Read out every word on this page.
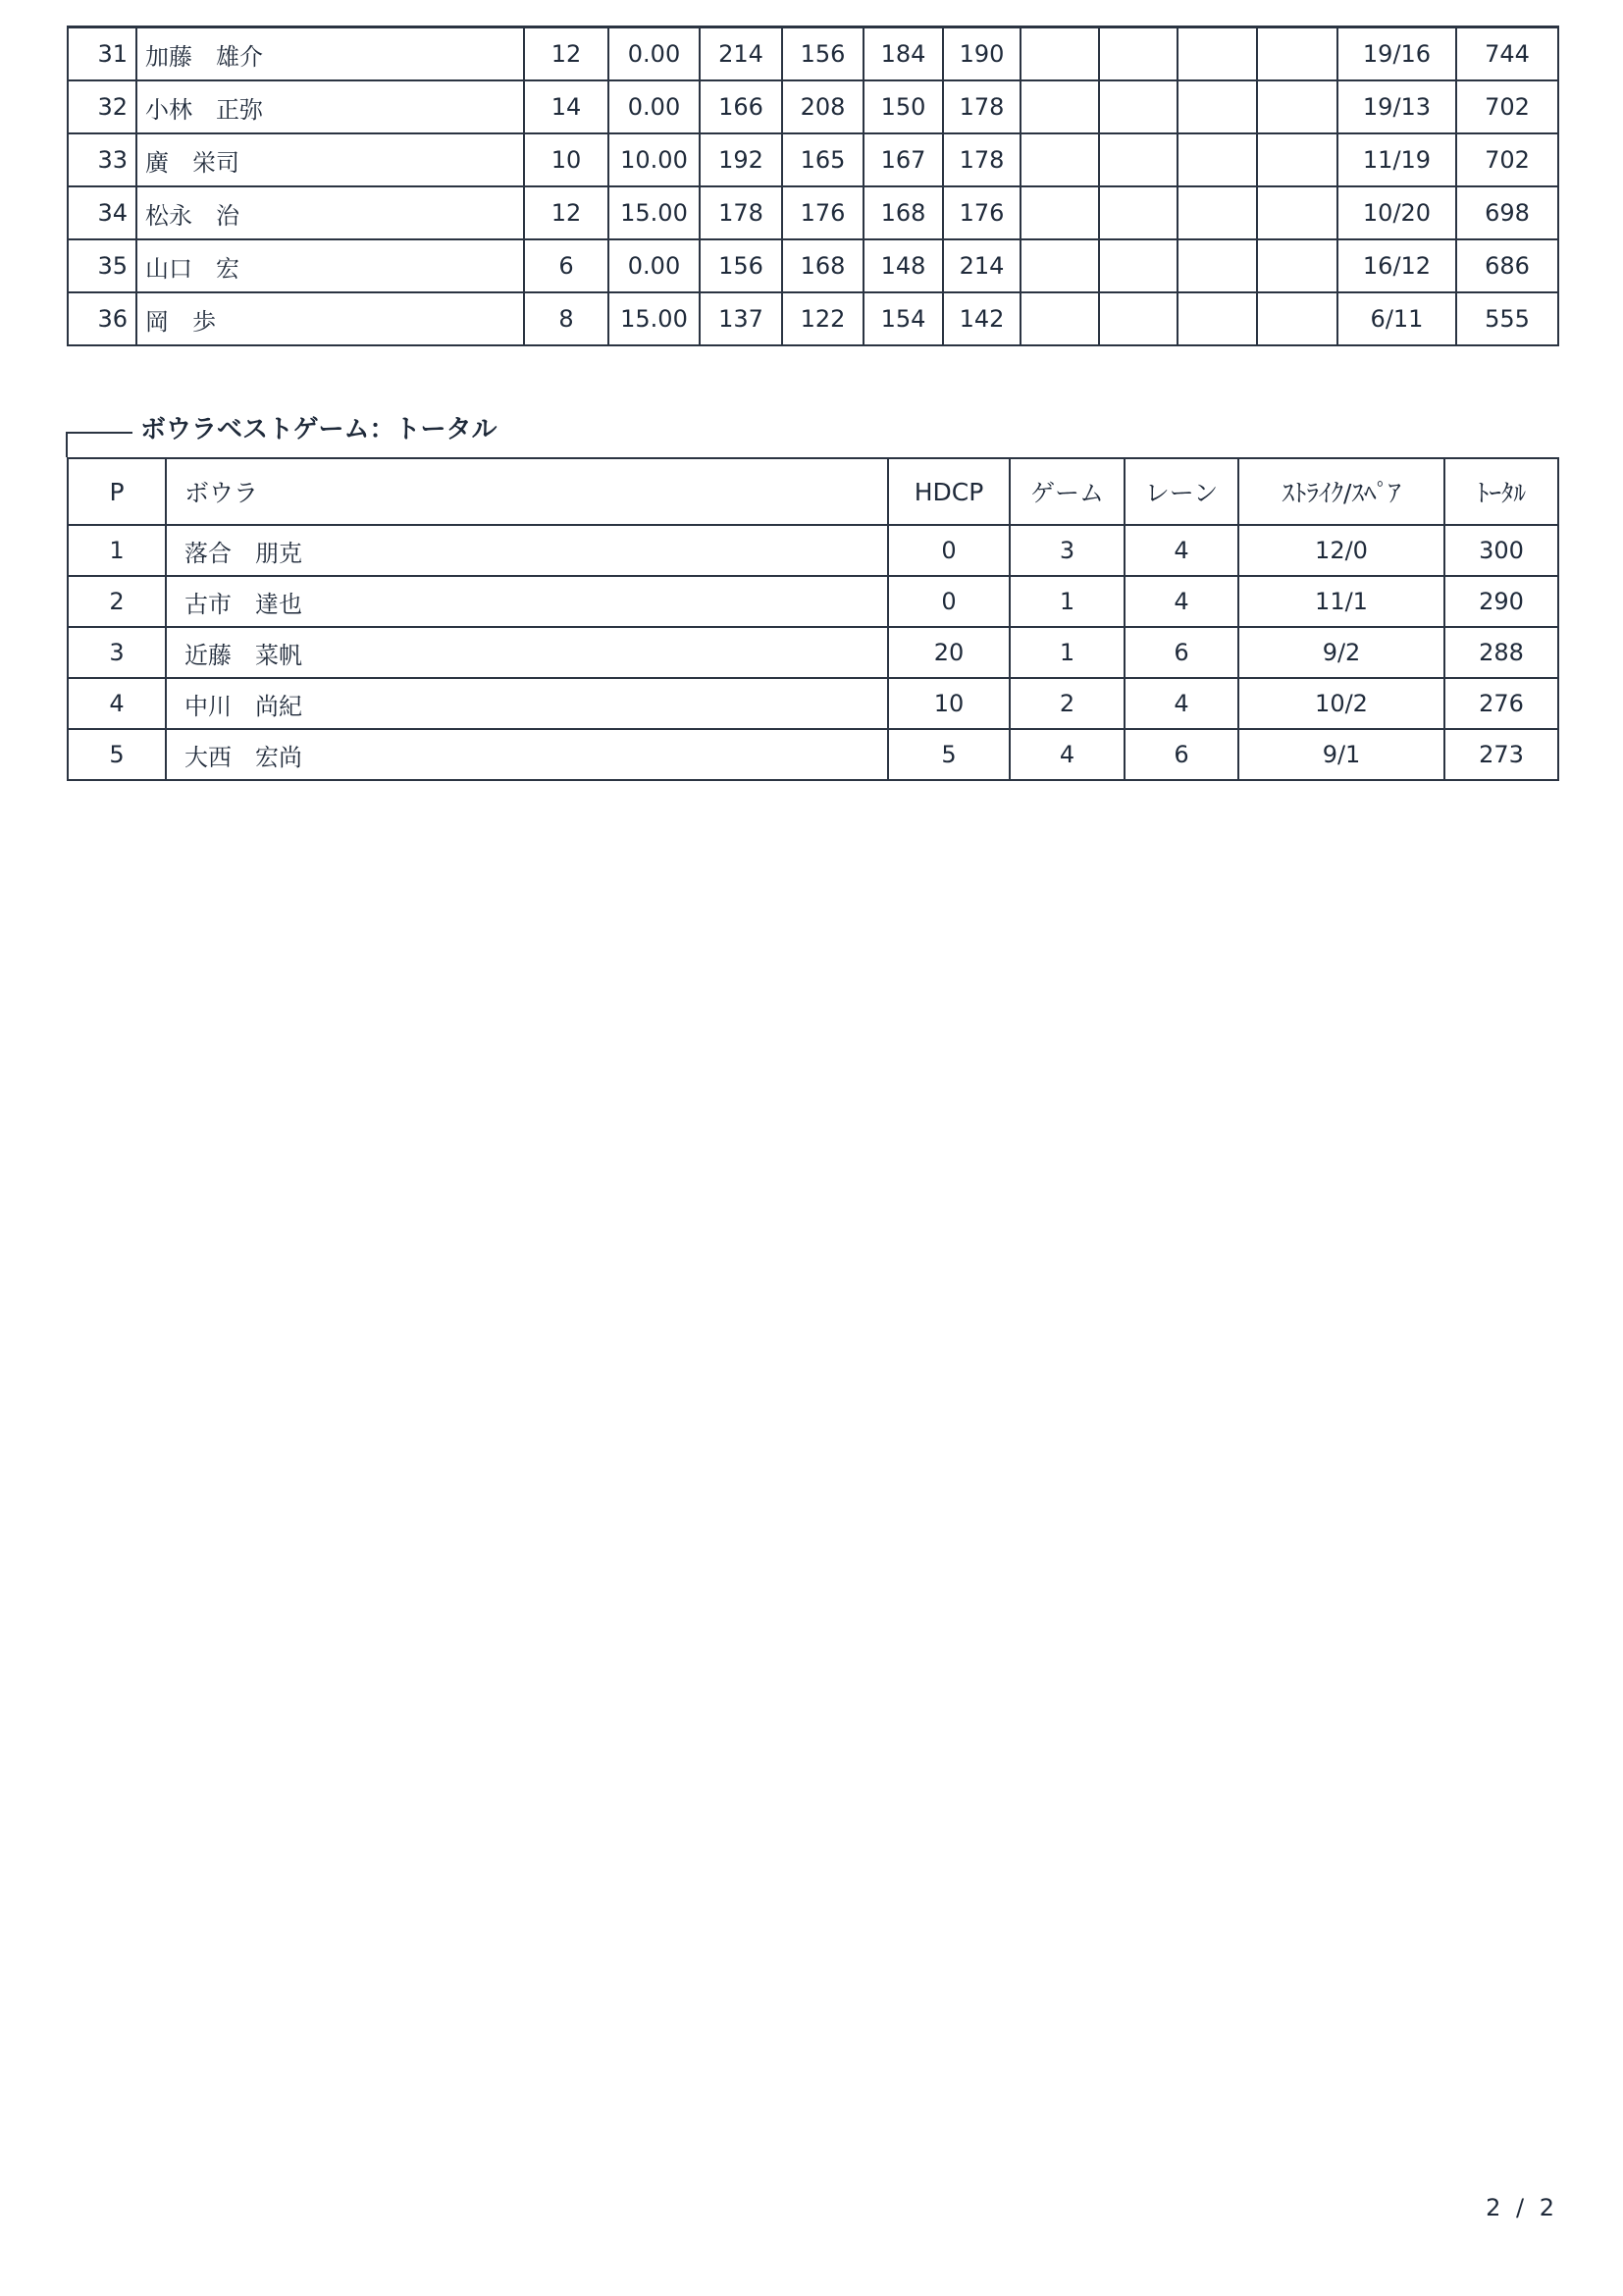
31	加藤　雄介	12	0.00	214	156	184	190					19/16	744
32	小林　正弥	14	0.00	166	208	150	178					19/13	702
33	廣　栄司	10	10.00	192	165	167	178					11/19	702
34	松永　治	12	15.00	178	176	168	176					10/20	698
35	山口　宏	6	0.00	156	168	148	214					16/12	686
36	岡　歩	8	15.00	137	122	154	142					6/11	555
ボウラベストゲーム：トータル
P	ボウラ	HDCP	ゲーム	レーン	ｽﾄﾗｲｸ/ｽﾍﾟｱ	ﾄｰﾀﾙ
1	落合　朋克	0	3	4	12/0	300
2	古市　達也	0	1	4	11/1	290
3	近藤　菜帆	20	1	6	9/2	288
4	中川　尚紀	10	2	4	10/2	276
5	大西　宏尚	5	4	6	9/1	273
2 / 2
